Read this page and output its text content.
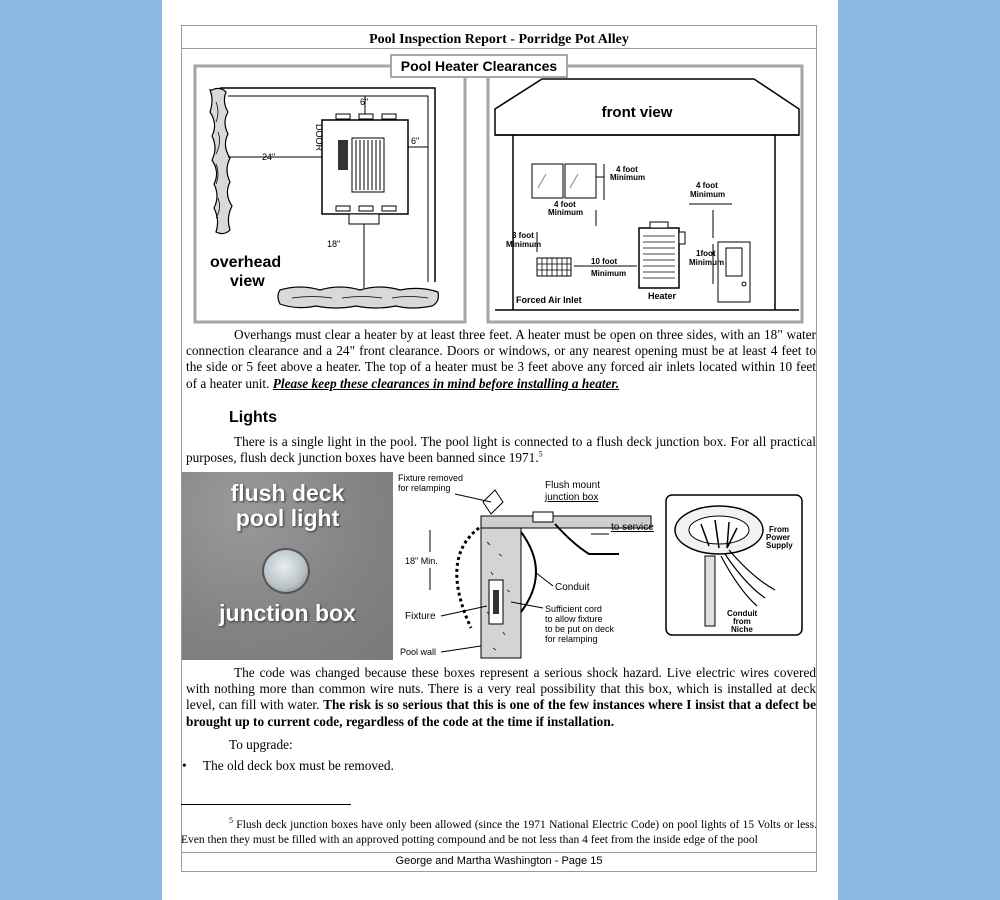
Pool Inspection Report - Porridge Pot Alley
Pool Heater Clearances
DOOR
6"
6"
24"
18"
overhead
view
front view
4 foot
Minimum
4 foot
Minimum
4 foot
Minimum
3 foot
Minimum
10 foot
Minimum
1foot
Minimum
Forced Air Inlet	Heater

Overhangs must clear a heater by at least three feet. A heater must be open on three sides, with an 18" water connection clearance and a 24" front clearance. Doors or windows, or any nearest opening must be at least 4 feet to the side or 5 feet above a heater. The top of a heater must be 3 feet above any forced air inlets located within 10 feet of a heater unit. Please keep these clearances in mind before installing a heater.

Lights

There is a single light in the pool. The pool light is connected to a flush deck junction box. For all practical purposes, flush deck junction boxes have been banned since 1971.$^5$

flush deck
pool light
junction box
Fixture removed
for relamping	Flush mount
junction box
to service
18" Min.
Conduit
Fixture
Sufficient cord
to allow fixture
to be put on deck
for relamping
Pool wall
From
Power
Supply
Conduit
from
Niche

The code was changed because these boxes represent a serious shock hazard. Live electric wires covered with nothing more than common wire nuts. There is a very real possibility that this box, which is installed at deck level, can fill with water. The risk is so serious that this is one of the few instances where I insist that a defect be brought up to current code, regardless of the code at the time if installation.

To upgrade:
• The old deck box must be removed.

$^5$ Flush deck junction boxes have only been allowed (since the 1971 National Electric Code) on pool lights of 15 Volts or less. Even then they must be filled with an approved potting compound and be not less than 4 feet from the inside edge of the pool

George and Martha Washington - Page 15
